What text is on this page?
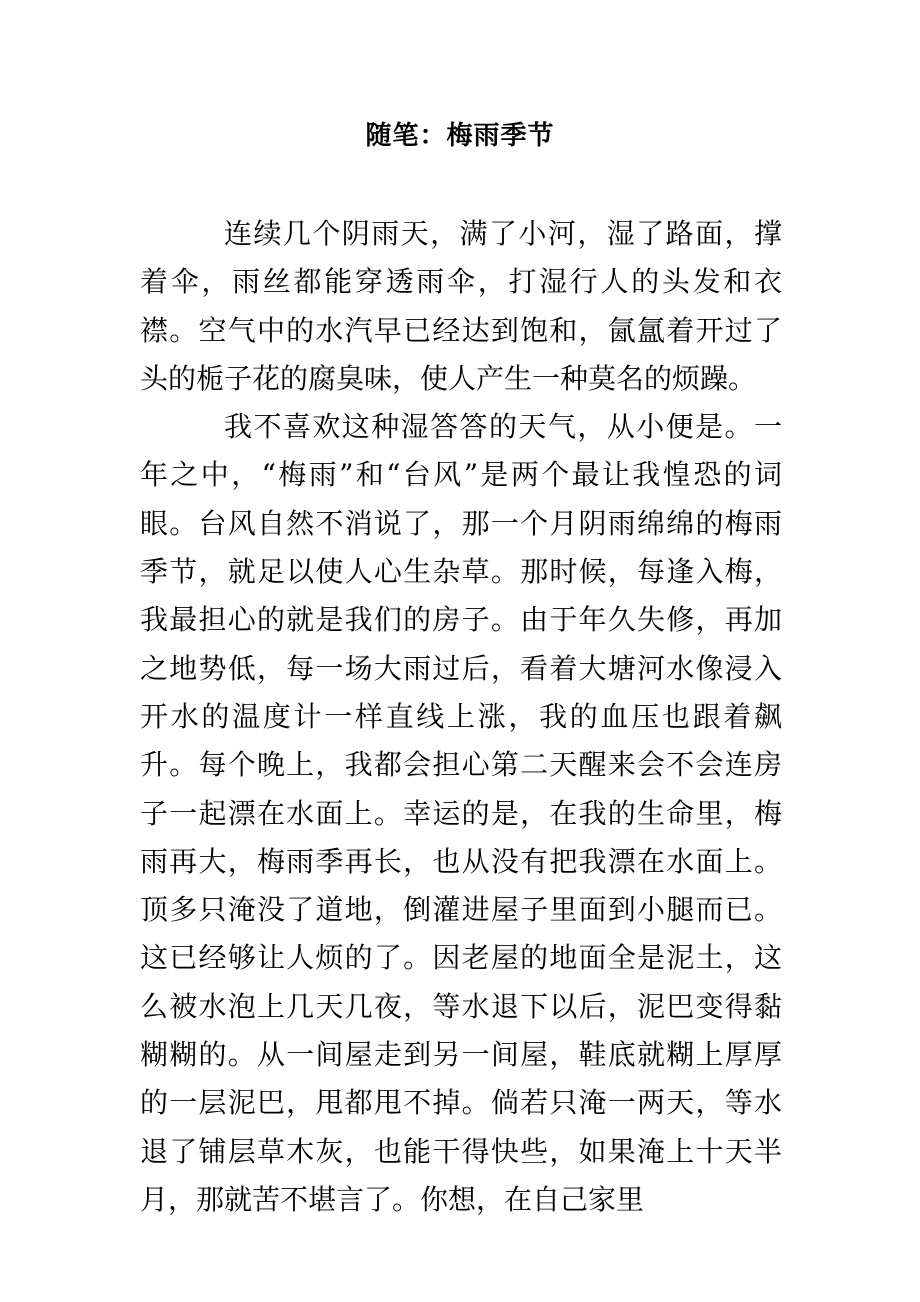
随笔：梅雨季节

连续几个阴雨天，满了小河，湿了路面，撑着伞，雨丝都能穿透雨伞，打湿行人的头发和衣襟。空气中的水汽早已经达到饱和，氤氲着开过了头的栀子花的腐臭味，使人产生一种莫名的烦躁。

我不喜欢这种湿答答的天气，从小便是。一年之中，“梅雨”和“台风”是两个最让我惶恐的词眼。台风自然不消说了，那一个月阴雨绵绵的梅雨季节，就足以使人心生杂草。那时候，每逢入梅，我最担心的就是我们的房子。由于年久失修，再加之地势低，每一场大雨过后，看着大塘河水像浸入开水的温度计一样直线上涨，我的血压也跟着飙升。每个晚上，我都会担心第二天醒来会不会连房子一起漂在水面上。幸运的是，在我的生命里，梅雨再大，梅雨季再长，也从没有把我漂在水面上。顶多只淹没了道地，倒灌进屋子里面到小腿而已。这已经够让人烦的了。因老屋的地面全是泥土，这么被水泡上几天几夜，等水退下以后，泥巴变得黏糊糊的。从一间屋走到另一间屋，鞋底就糊上厚厚的一层泥巴，甩都甩不掉。倘若只淹一两天，等水退了铺层草木灰，也能干得快些，如果淹上十天半月，那就苦不堪言了。你想，在自己家里
